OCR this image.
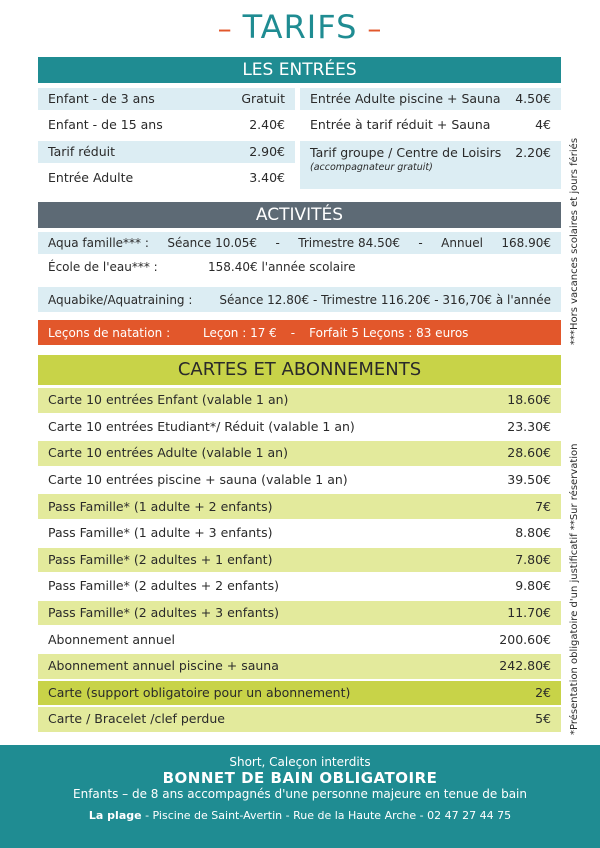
– TARIFS –
LES ENTRÉES
Enfant - de 3 ans	Gratuit
Enfant - de 15 ans	2.40€
Tarif réduit	2.90€
Entrée Adulte	3.40€
Entrée Adulte piscine + Sauna 4.50€
Entrée à tarif réduit + Sauna	4€
Tarif groupe / Centre de Loisirs 2.20€
(accompagnateur gratuit)
ACTIVITÉS
Aqua famille*** : Séance 10.05€ - Trimestre 84.50€ - Annuel 168.90€
École de l'eau*** :	158.40€ l'année scolaire
Aquabike/Aquatraining : Séance 12.80€ - Trimestre 116.20€ - 316,70€ à l'année
Leçons de natation :	Leçon : 17 € - Forfait 5 Leçons : 83 euros
CARTES ET ABONNEMENTS
Carte 10 entrées Enfant (valable 1 an)	18.60€
Carte 10 entrées Etudiant*/ Réduit (valable 1 an)	23.30€
Carte 10 entrées Adulte (valable 1 an)	28.60€
Carte 10 entrées piscine + sauna (valable 1 an)	39.50€
Pass Famille* (1 adulte + 2 enfants)	7€
Pass Famille* (1 adulte + 3 enfants)	8.80€
Pass Famille* (2 adultes + 1 enfant)	7.80€
Pass Famille* (2 adultes + 2 enfants)	9.80€
Pass Famille* (2 adultes + 3 enfants)	11.70€
Abonnement annuel	200.60€
Abonnement annuel piscine + sauna	242.80€
Carte (support obligatoire pour un abonnement)	2€
Carte / Bracelet /clef perdue	5€
***Hors vacances scolaires et jours fériés
*Présentation obligatoire d'un justificatif **Sur réservation
Short, Caleçon interdits
BONNET DE BAIN OBLIGATOIRE
Enfants – de 8 ans accompagnés d'une personne majeure en tenue de bain
La plage - Piscine de Saint-Avertin - Rue de la Haute Arche - 02 47 27 44 75
